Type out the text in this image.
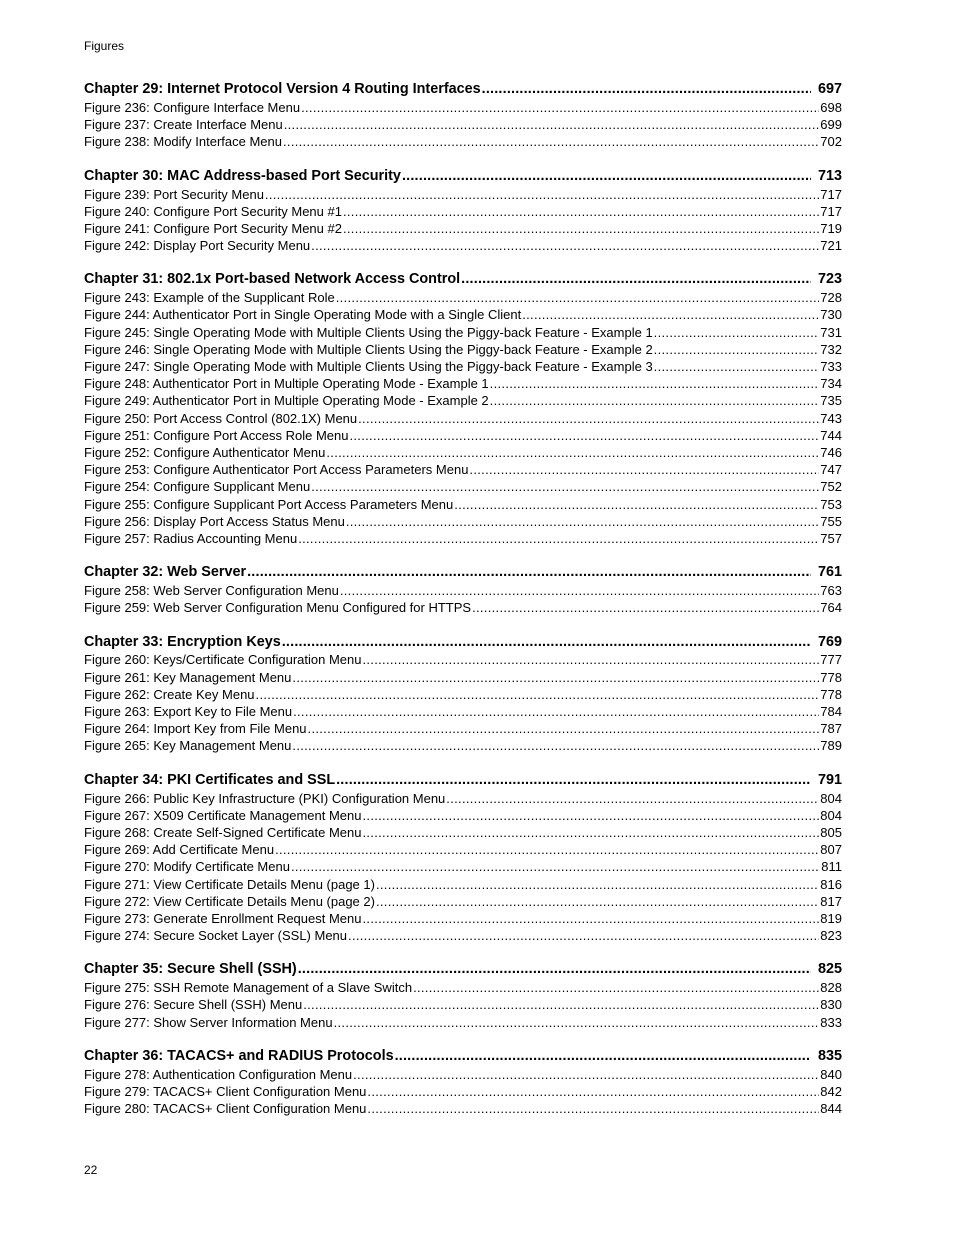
Figures
Chapter 29: Internet Protocol Version 4 Routing Interfaces .....	697
Figure 236: Configure Interface Menu .....	698
Figure 237: Create Interface Menu .....	699
Figure 238: Modify Interface Menu .....	702
Chapter 30: MAC Address-based Port Security .....	713
Figure 239: Port Security Menu .....	717
Figure 240: Configure Port Security Menu #1 .....	717
Figure 241: Configure Port Security Menu #2 .....	719
Figure 242: Display Port Security Menu .....	721
Chapter 31: 802.1x Port-based Network Access Control .....	723
Figure 243: Example of the Supplicant Role .....	728
Figure 244: Authenticator Port in Single Operating Mode with a Single Client .....	730
Figure 245: Single Operating Mode with Multiple Clients Using the Piggy-back Feature - Example 1 .....	731
Figure 246: Single Operating Mode with Multiple Clients Using the Piggy-back Feature - Example 2 .....	732
Figure 247: Single Operating Mode with Multiple Clients Using the Piggy-back Feature - Example 3 .....	733
Figure 248: Authenticator Port in Multiple Operating Mode - Example 1 .....	734
Figure 249: Authenticator Port in Multiple Operating Mode - Example 2 .....	735
Figure 250: Port Access Control (802.1X) Menu .....	743
Figure 251: Configure Port Access Role Menu .....	744
Figure 252: Configure Authenticator Menu .....	746
Figure 253: Configure Authenticator Port Access Parameters Menu .....	747
Figure 254: Configure Supplicant Menu .....	752
Figure 255: Configure Supplicant Port Access Parameters Menu .....	753
Figure 256: Display Port Access Status Menu .....	755
Figure 257: Radius Accounting Menu .....	757
Chapter 32: Web Server .....	761
Figure 258: Web Server Configuration Menu .....	763
Figure 259: Web Server Configuration Menu Configured for HTTPS .....	764
Chapter 33: Encryption Keys .....	769
Figure 260: Keys/Certificate Configuration Menu .....	777
Figure 261: Key Management Menu .....	778
Figure 262: Create Key Menu .....	778
Figure 263: Export Key to File Menu .....	784
Figure 264: Import Key from File Menu .....	787
Figure 265: Key Management Menu .....	789
Chapter 34: PKI Certificates and SSL .....	791
Figure 266: Public Key Infrastructure (PKI) Configuration Menu .....	804
Figure 267: X509 Certificate Management Menu .....	804
Figure 268: Create Self-Signed Certificate Menu .....	805
Figure 269: Add Certificate Menu .....	807
Figure 270: Modify Certificate Menu .....	811
Figure 271: View Certificate Details Menu (page 1) .....	816
Figure 272: View Certificate Details Menu (page 2) .....	817
Figure 273: Generate Enrollment Request Menu .....	819
Figure 274: Secure Socket Layer (SSL) Menu .....	823
Chapter 35: Secure Shell (SSH) .....	825
Figure 275: SSH Remote Management of a Slave Switch .....	828
Figure 276: Secure Shell (SSH) Menu .....	830
Figure 277: Show Server Information Menu .....	833
Chapter 36: TACACS+ and RADIUS Protocols .....	835
Figure 278: Authentication Configuration Menu .....	840
Figure 279: TACACS+ Client Configuration Menu .....	842
Figure 280: TACACS+ Client Configuration Menu .....	844
22
